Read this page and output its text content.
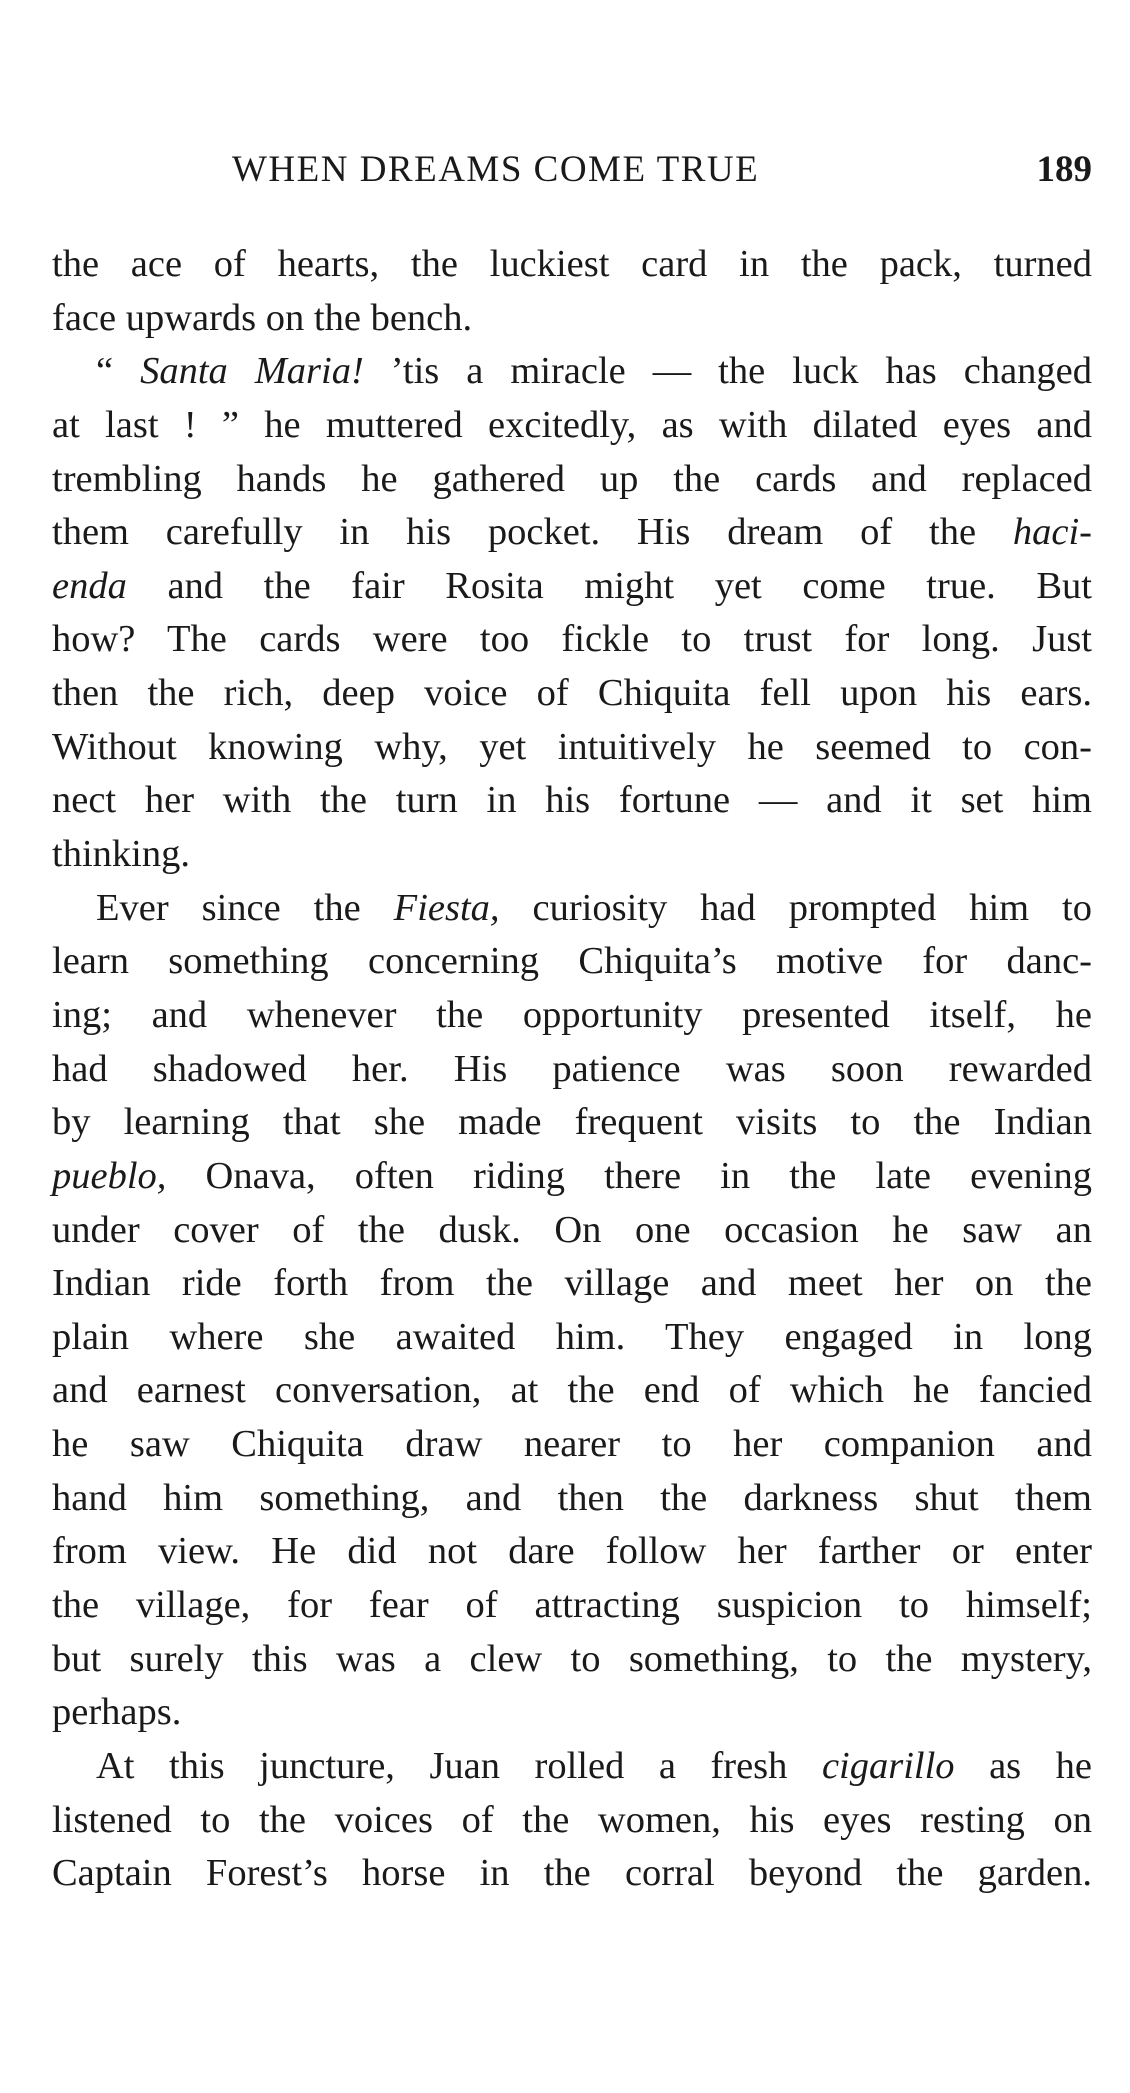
WHEN DREAMS COME TRUE	189
the ace of hearts, the luckiest card in the pack, turned
face upwards on the bench.
“ Santa Maria! ’tis a miracle — the luck has changed
at last ! ” he muttered excitedly, as with dilated eyes and
trembling hands he gathered up the cards and replaced
them carefully in his pocket. His dream of the haci-
enda and the fair Rosita might yet come true. But
how? The cards were too fickle to trust for long. Just
then the rich, deep voice of Chiquita fell upon his ears.
Without knowing why, yet intuitively he seemed to con-
nect her with the turn in his fortune — and it set him
thinking.
Ever since the Fiesta, curiosity had prompted him to
learn something concerning Chiquita’s motive for danc-
ing; and whenever the opportunity presented itself, he
had shadowed her. His patience was soon rewarded
by learning that she made frequent visits to the Indian
pueblo, Onava, often riding there in the late evening
under cover of the dusk. On one occasion he saw an
Indian ride forth from the village and meet her on the
plain where she awaited him. They engaged in long
and earnest conversation, at the end of which he fancied
he saw Chiquita draw nearer to her companion and
hand him something, and then the darkness shut them
from view. He did not dare follow her farther or enter
the village, for fear of attracting suspicion to himself;
but surely this was a clew to something, to the mystery,
perhaps.
At this juncture, Juan rolled a fresh cigarillo as he
listened to the voices of the women, his eyes resting on
Captain Forest’s horse in the corral beyond the garden.
